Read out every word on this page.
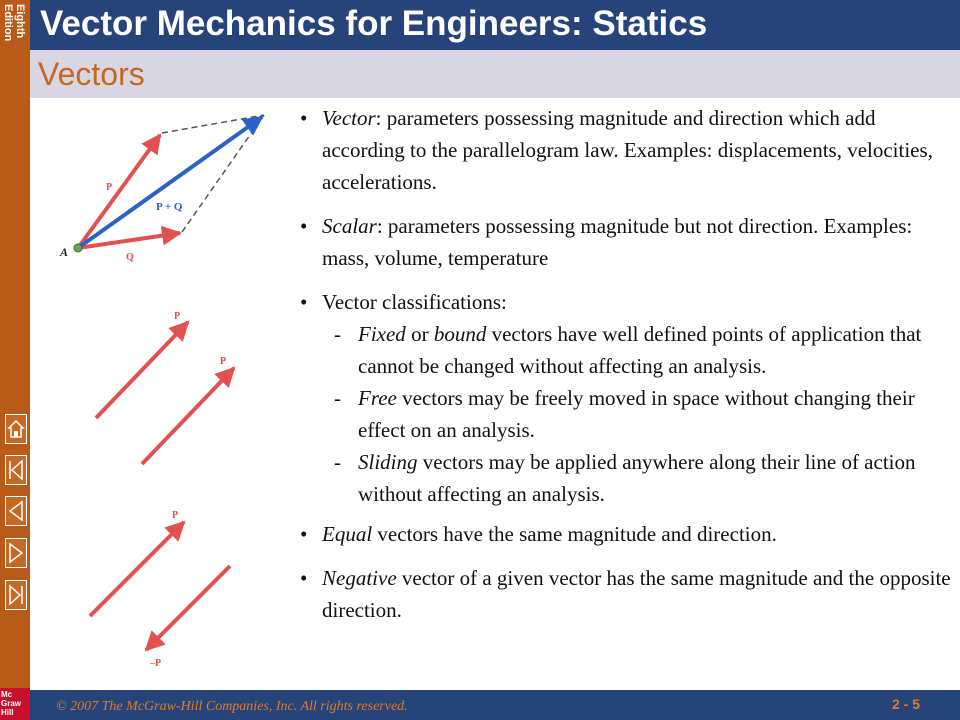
Eighth
Edition
Mc
Graw
Hill
Vector Mechanics for Engineers: Statics
Vectors
A
P
Q
P + Q
P
P
P
–P
• Vector: parameters possessing magnitude and direction which add according to the parallelogram law. Examples: displacements, velocities, accelerations.
• Scalar: parameters possessing magnitude but not direction. Examples: mass, volume, temperature
• Vector classifications:
- Fixed or bound vectors have well defined points of application that cannot be changed without affecting an analysis.
- Free vectors may be freely moved in space without changing their effect on an analysis.
- Sliding vectors may be applied anywhere along their line of action without affecting an analysis.
• Equal vectors have the same magnitude and direction.
• Negative vector of a given vector has the same magnitude and the opposite direction.
© 2007 The McGraw-Hill Companies, Inc. All rights reserved.	2 - 5
